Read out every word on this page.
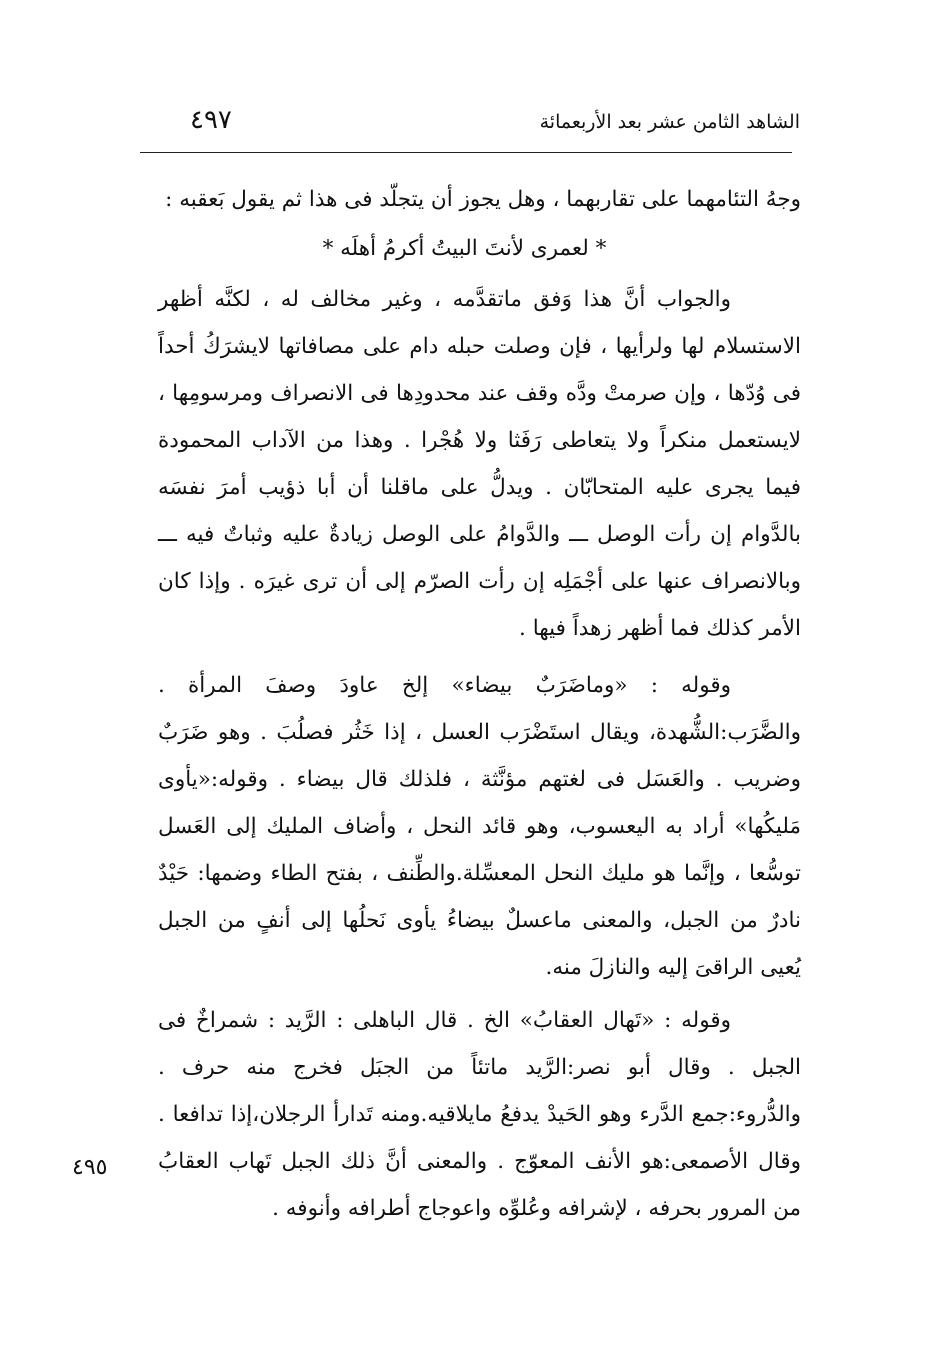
الشاهد الثامن عشر بعد الأربعمائة
٤٩٧

وجهُ التئامهما على تقاربهما ، وهل يجوز أن يتجلّد فى هذا ثم يقول بَعقبه :

* لعمرى لأنتَ البيتُ أكرمُ أهلَه *

والجواب أنَّ هذا وَفق ماتقدَّمه ، وغير مخالف له ، لكنَّه أظهر الاستسلام لها ولرأيها ، فإن وصلت حبله دام على مصافاتها لايشرَكُ أحداً فى وُدّها ، وإن صرمتْ ودَّه وقف عند محدودِها فى الانصراف ومرسومِها ، لايستعمل منكراً ولا يتعاطى رَفَثا ولا هُجْرا . وهذا من الآداب المحمودة فيما يجرى عليه المتحابّان . ويدلُّ على ماقلنا أن أبا ذؤيب أمرَ نفسَه بالدَّوام إن رأت الوصل ـــ والدَّوامُ على الوصل زيادةٌ عليه وثباتٌ فيه ـــ وبالانصراف عنها على أجْمَلِه إن رأت الصرّم إلى أن ترى غيرَه . وإذا كان الأمر كذلك فما أظهر زهداً فيها .

وقوله : «وماضَرَبٌ بيضاء» إلخ عاودَ وصفَ المرأة . والضَّرَب:الشُّهدة، ويقال استَضْرَب العسل ، إذا خَثُر فصلُبَ . وهو ضَرَبٌ وضريب . والعَسَل فى لغتهم مؤنَّثة ، فلذلك قال بيضاء . وقوله:«يأوى مَليكُها» أراد به اليعسوب، وهو قائد النحل ، وأضاف المليك إلى العَسل توسُّعا ، وإنَّما هو مليك النحل المعسِّلة.والطِّنف ، بفتح الطاء وضمها: حَيْدٌ نادرٌ من الجبل، والمعنى ماعسلٌ بيضاءُ يأوى نَحلُها إلى أنفٍ من الجبل يُعيى الراقىَ إليه والنازلَ منه.

وقوله : «تَهال العقابُ» الخ . قال الباهلى : الرَّيد : شمراخٌ فى الجبل . وقال أبو نصر:الرَّيد ماتئاً من الجبَل فخرج منه حرف . والدُّروء:جمع الدَّرء وهو الحَيدْ يدفعُ مايلاقيه.ومنه تَدارأ الرجلان،إذا تدافعا . وقال الأصمعى:هو الأنف المعوّج . والمعنى أنَّ ذلك الجبل تَهاب العقابُ من المرور بحرفه ، لإشرافه وعُلوِّه واعوجاج أطرافه وأنوفه .

٤٩٥
